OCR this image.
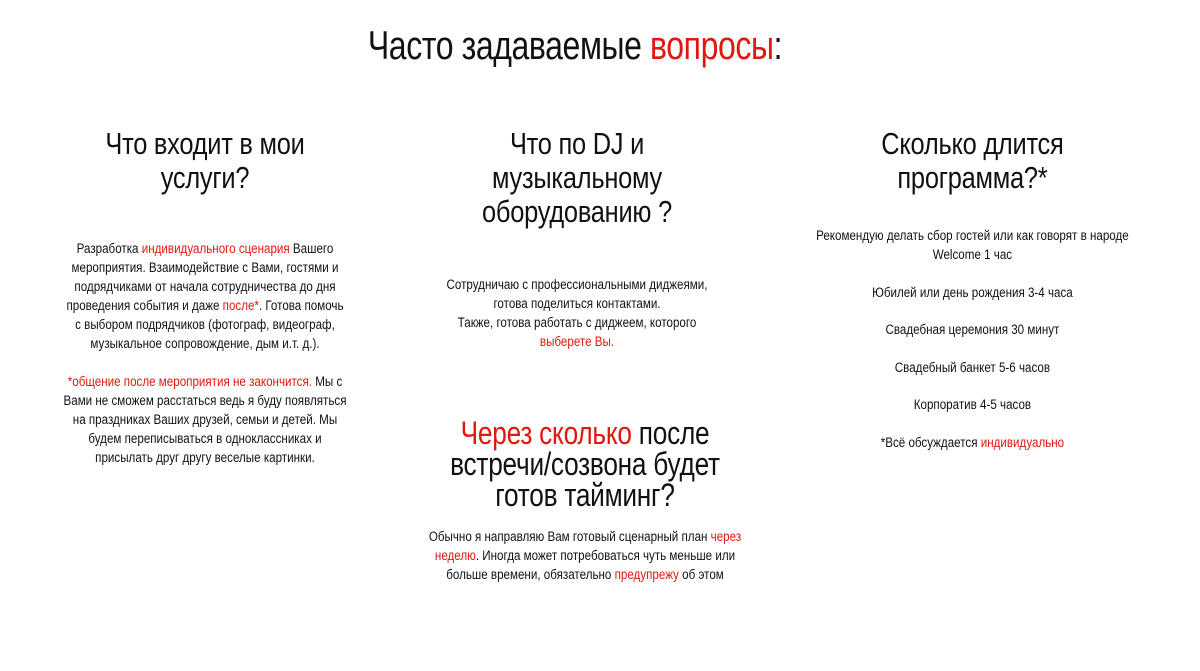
Часто задаваемые вопросы:
Что входит в мои услуги?

Разработка индивидуального сценария Вашего мероприятия. Взаимодействие с Вами, гостями и подрядчиками от начала сотрудничества до дня проведения события и даже после*. Готова помочь с выбором подрядчиков (фотограф, видеограф, музыкальное сопровождение, дым и.т. д.).

*общение после мероприятия не закончится. Мы с Вами не сможем расстаться ведь я буду появляться на праздниках Ваших друзей, семьи и детей. Мы будем переписываться в одноклассниках и присылать друг другу веселые картинки.

Что по DJ и музыкальному оборудованию ?

Сотрудничаю с профессиональными диджеями,
готова поделиться контактами.
Также, готова работать с диджеем, которого
выберете Вы.

Сколько длится программа?*

Рекомендую делать сбор гостей или как говорят в народе Welcome 1 час

Юбилей или день рождения 3-4 часа

Свадебная церемония 30 минут

Свадебный банкет 5-6 часов

Корпоратив 4-5 часов

*Всё обсуждается индивидуально

Через сколько после встречи/созвона будет готов тайминг?

Обычно я направляю Вам готовый сценарный план через неделю. Иногда может потребоваться чуть меньше или больше времени, обязательно предупрежу об этом
